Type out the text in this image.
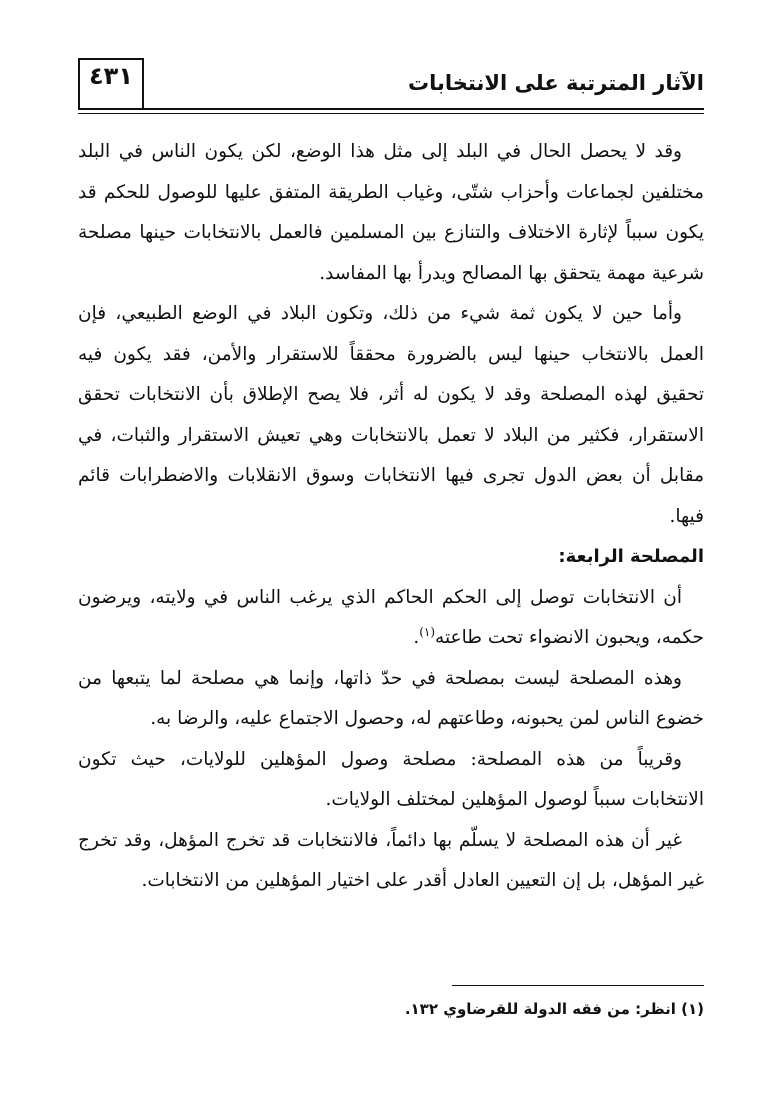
٤٣١	الآثار المترتبة على الانتخابات

وقد لا يحصل الحال في البلد إلى مثل هذا الوضع، لكن يكون الناس في البلد مختلفين لجماعات وأحزاب شتّى، وغياب الطريقة المتفق عليها للوصول للحكم قد يكون سبباً لإثارة الاختلاف والتنازع بين المسلمين فالعمل بالانتخابات حينها مصلحة شرعية مهمة يتحقق بها المصالح ويدرأ بها المفاسد.

وأما حين لا يكون ثمة شيء من ذلك، وتكون البلاد في الوضع الطبيعي، فإن العمل بالانتخاب حينها ليس بالضرورة محققاً للاستقرار والأمن، فقد يكون فيه تحقيق لهذه المصلحة وقد لا يكون له أثر، فلا يصح الإطلاق بأن الانتخابات تحقق الاستقرار، فكثير من البلاد لا تعمل بالانتخابات وهي تعيش الاستقرار والثبات، في مقابل أن بعض الدول تجرى فيها الانتخابات وسوق الانقلابات والاضطرابات قائم فيها.

المصلحة الرابعة:

أن الانتخابات توصل إلى الحكم الحاكم الذي يرغب الناس في ولايته، ويرضون حكمه، ويحبون الانضواء تحت طاعته$^{(١)}$.

وهذه المصلحة ليست بمصلحة في حدّ ذاتها، وإنما هي مصلحة لما يتبعها من خضوع الناس لمن يحبونه، وطاعتهم له، وحصول الاجتماع عليه، والرضا به.

وقريباً من هذه المصلحة: مصلحة وصول المؤهلين للولايات، حيث تكون الانتخابات سبباً لوصول المؤهلين لمختلف الولايات.

غير أن هذه المصلحة لا يسلّم بها دائماً، فالانتخابات قد تخرج المؤهل، وقد تخرج غير المؤهل، بل إن التعيين العادل أقدر على اختيار المؤهلين من الانتخابات.

(١) انظر: من فقه الدولة للقرضاوي ١٣٢.
